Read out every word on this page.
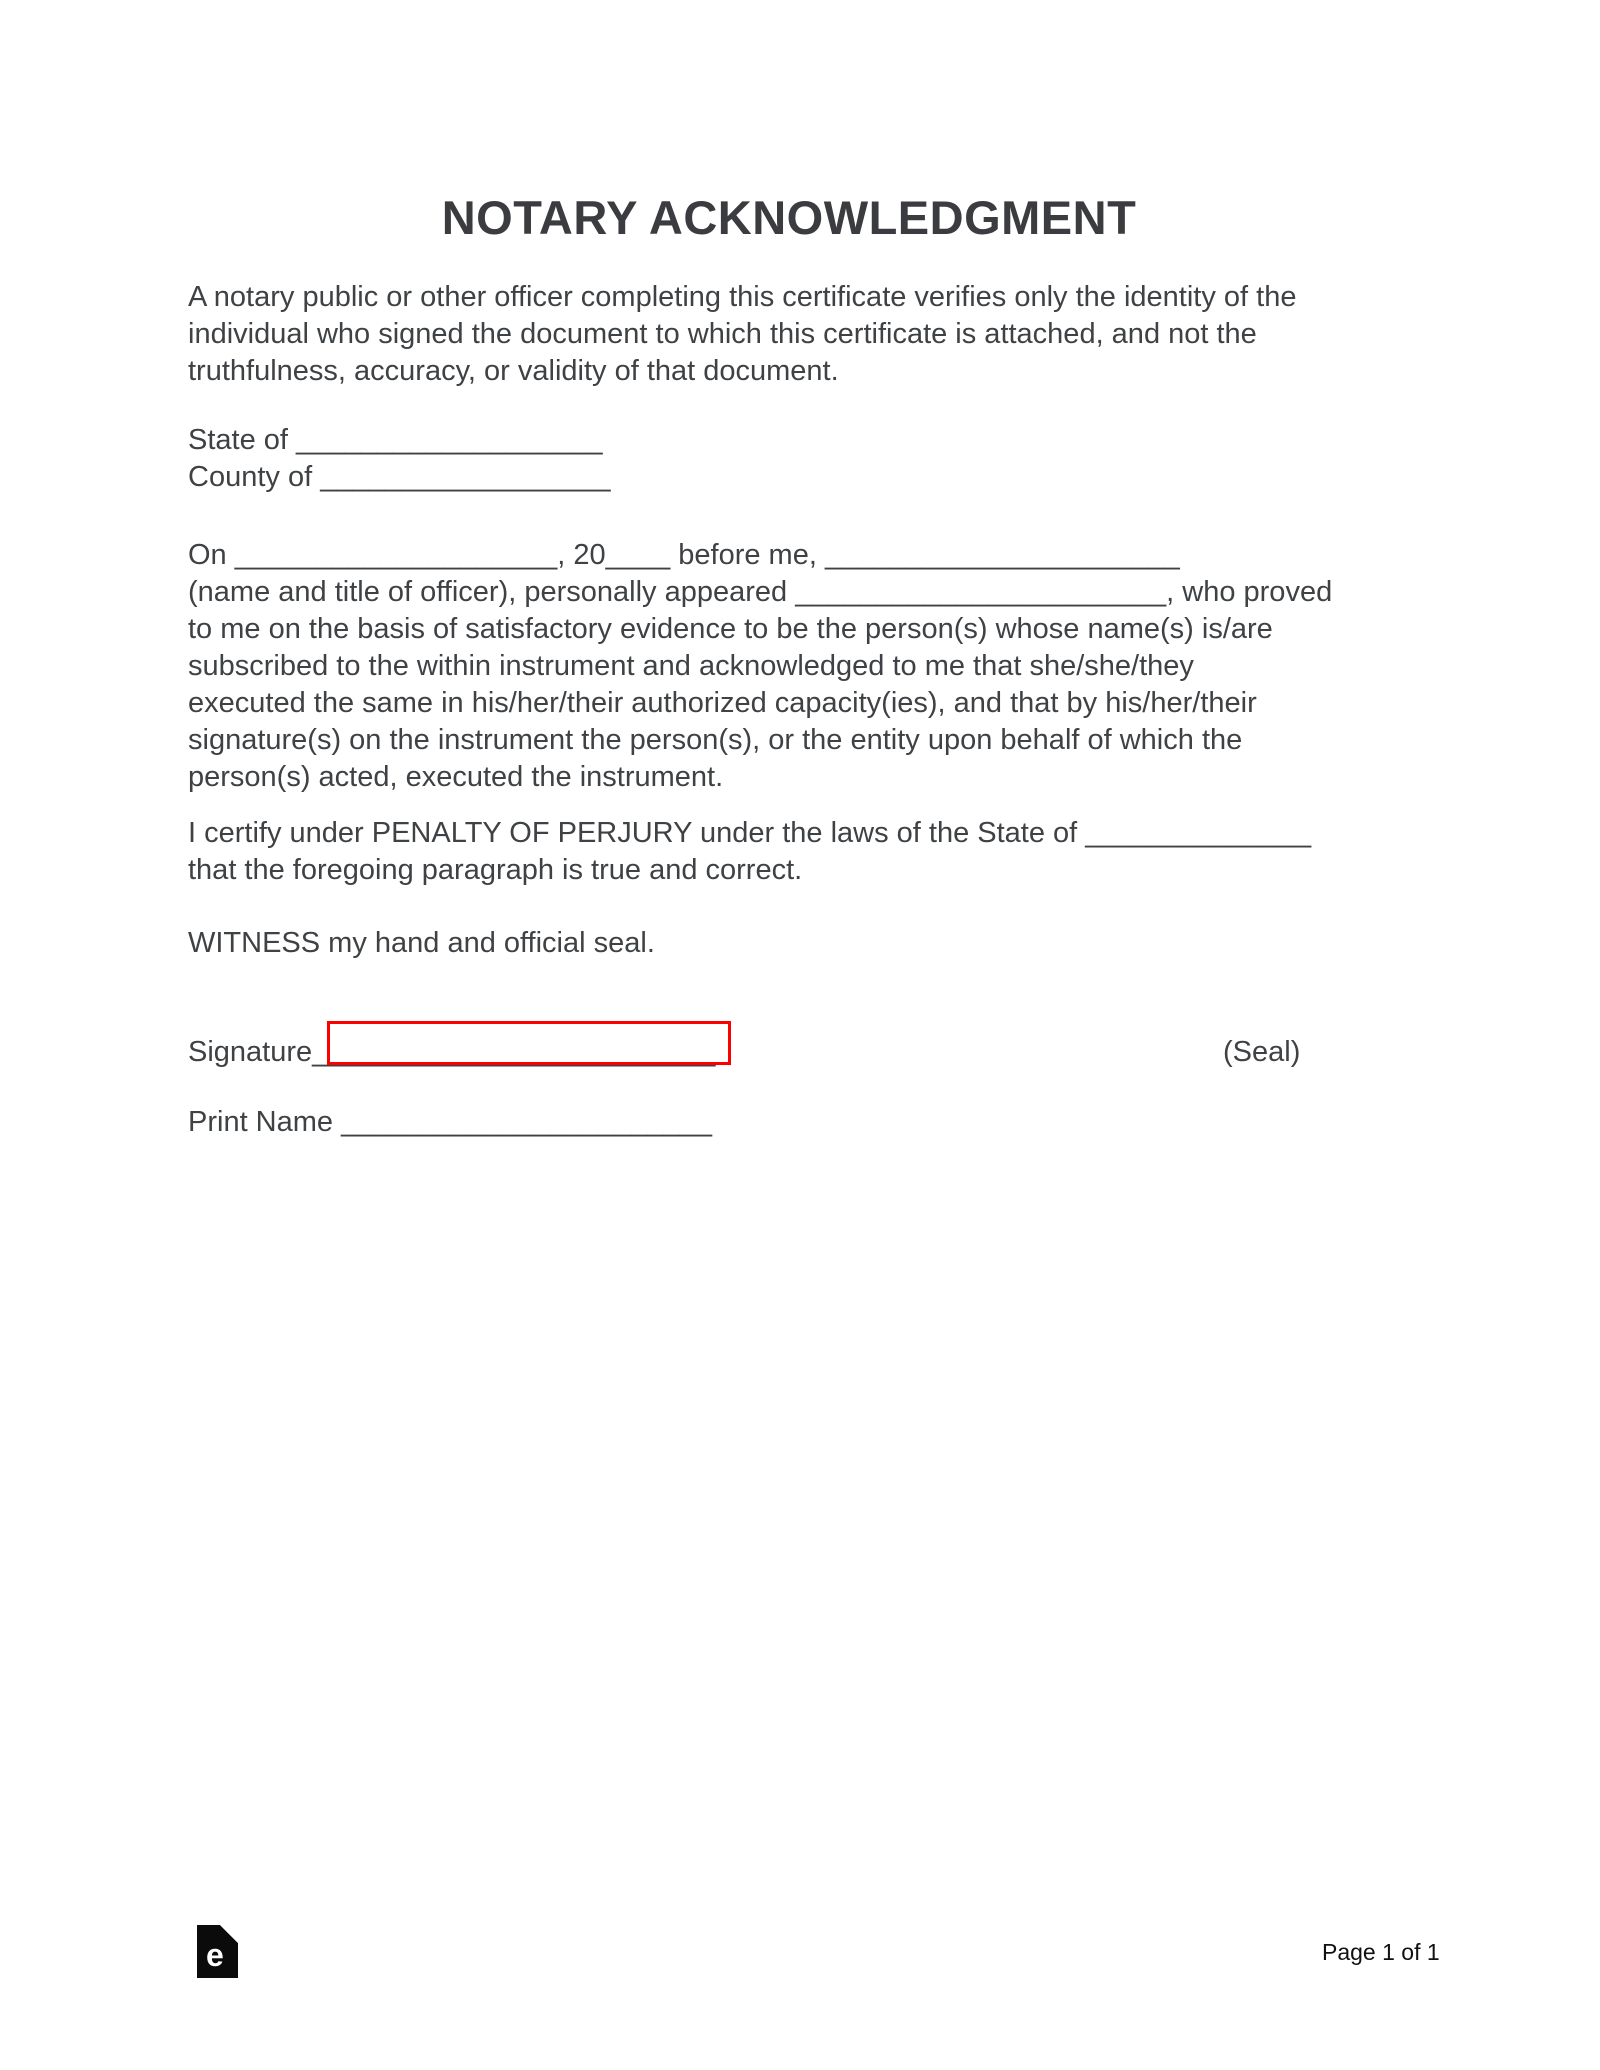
NOTARY ACKNOWLEDGMENT
A notary public or other officer completing this certificate verifies only the identity of the
individual who signed the document to which this certificate is attached, and not the
truthfulness, accuracy, or validity of that document.
State of ___________________
County of __________________
On ____________________, 20____ before me, ______________________
(name and title of officer), personally appeared _______________________, who proved
to me on the basis of satisfactory evidence to be the person(s) whose name(s) is/are
subscribed to the within instrument and acknowledged to me that she/she/they
executed the same in his/her/their authorized capacity(ies), and that by his/her/their
signature(s) on the instrument the person(s), or the entity upon behalf of which the
person(s) acted, executed the instrument.
I certify under PENALTY OF PERJURY under the laws of the State of ______________
that the foregoing paragraph is true and correct.
WITNESS my hand and official seal.
Signature_________________________	(Seal)
Print Name _______________________
e	Page 1 of 1
